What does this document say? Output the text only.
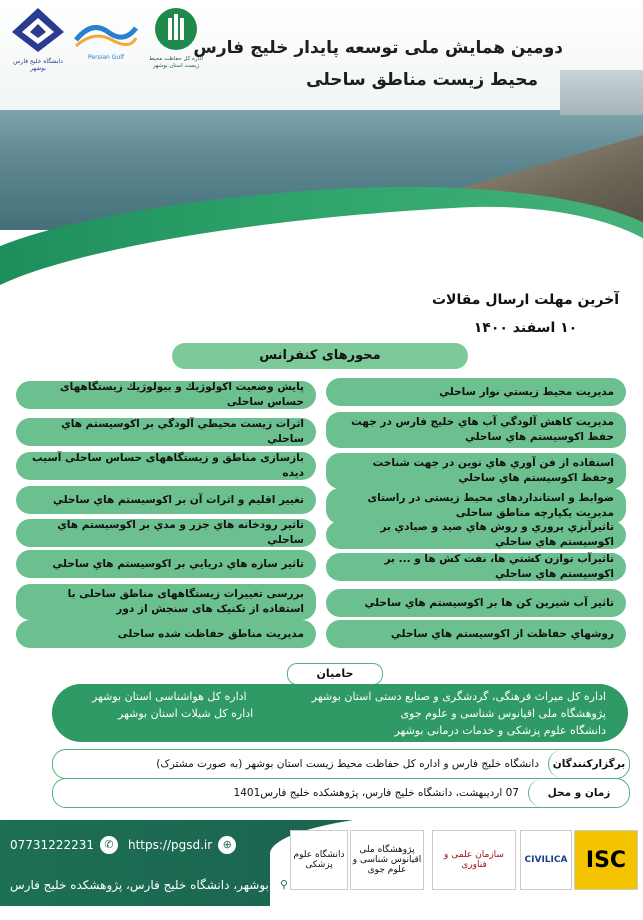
دانشگاه خلیج فارس بوشهر
Persian Gulf	اداره کل حفاظت محیط زیست استان بوشهر
دومین همایش ملی توسعه پایدار خلیج فارس
محیط زیست مناطق ساحلی
آخرین مهلت ارسال مقالات
۱۰ اسفند ۱۴۰۰
محورهای کنفرانس
مديريت محيط زيستي نوار ساحلي
مديريت كاهش آلودگي آب هاي خليج فارس در جهت حفظ اكوسيستم هاي ساحلي
استفاده از فن آوري هاي نوين در جهت شناخت وحفظ اكوسيستم هاي ساحلي
ضوابط و استانداردهای محيط زيستی در راستای مديريت يكپارچه مناطق ساحلی
تاثيرآبزي پروري و روش هاي صيد و صيادي بر اكوسيستم هاي ساحلي
تاثيرآب توازن كشتي ها، نفت كش ها و ... بر اكوسيستم هاي ساحلي
تاثير آب شيرين كن ها بر اكوسيستم هاي ساحلي
روشهاي حفاظت از اكوسيستم هاي ساحلي
پايش وضعيت اكولوژيك و بيولوژيك زيستگاههای حساس ساحلی
اثرات زيست محيطي آلودگي بر اكوسيستم هاي ساحلي
بازسازی مناطق و زيستگاههای حساس ساحلی آسيب ديده
تغيير اقليم و اثرات آن بر اكوسيستم هاي ساحلي
تاثير رودخانه هاي جزر و مدي بر اكوسيستم هاي ساحلي
تاثير سازه هاي دريايي بر اكوسيستم هاي ساحلي
بررسی تغييرات زيستگاههای مناطق ساحلی با استفاده از تكنيک های سنجش از دور
مديريت مناطق حفاظت شده ساحلی
حامیان
اداره کل میراث فرهنگی، گردشگری و صنایع دستی استان بوشهر
پژوهشگاه ملی اقیانوس شناسی و علوم جوی
دانشگاه علوم پزشکی و خدمات درمانی بوشهر
اداره کل هواشناسی استان بوشهر
اداره کل شیلات استان بوشهر
برگزارکنندگان
دانشگاه خلیج فارس و اداره کل حفاظت محیط زیست استان بوشهر (به صورت مشترک)
زمان و محل
07 اردیبهشت، دانشگاه خلیج فارس، پژوهشکده خلیج فارس1401
07731222231 ✆	https://pgsd.ir ⊕
⚲
بوشهر، دانشگاه خلیج فارس، پژوهشکده خلیج فارس
دانشگاه علوم پزشکی
پژوهشگاه ملی اقیانوس شناسی و علوم جوی
سازمان علمی و فناوری	CIVILICA ISC
